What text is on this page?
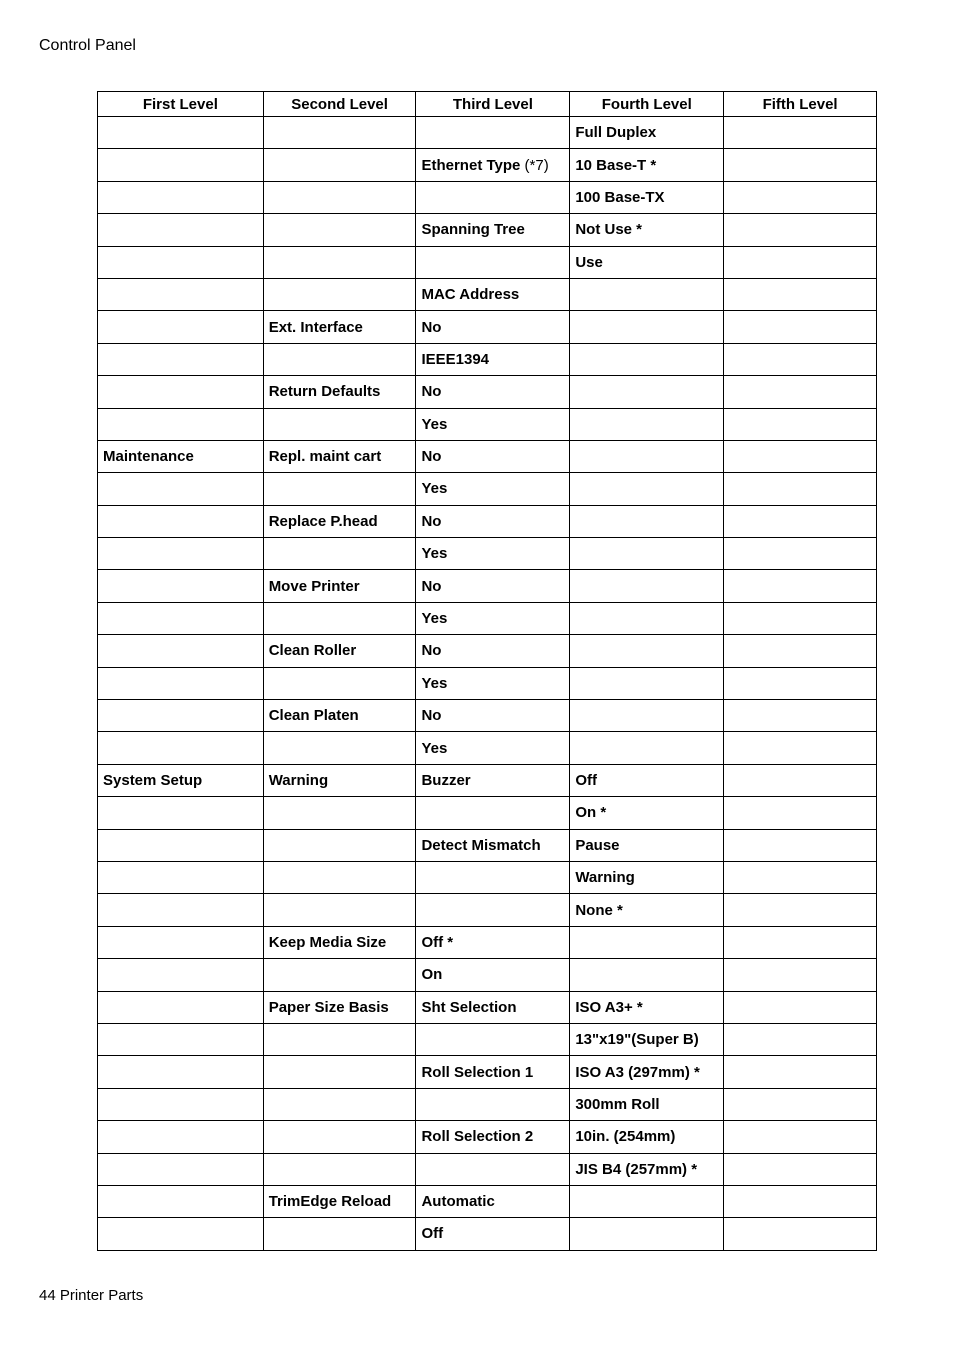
Control Panel
First Level	Second Level	Third Level	Fourth Level	Fifth Level
			Full Duplex	
		Ethernet Type (*7)	10 Base-T *	
			100 Base-TX	
		Spanning Tree	Not Use *	
			Use	
		MAC Address		
	Ext. Interface	No		
		IEEE1394		
	Return Defaults	No		
		Yes		
Maintenance	Repl. maint cart	No		
		Yes		
	Replace P.head	No		
		Yes		
	Move Printer	No		
		Yes		
	Clean Roller	No		
		Yes		
	Clean Platen	No		
		Yes		
System Setup	Warning	Buzzer	Off	
			On *	
		Detect Mismatch	Pause	
			Warning	
			None *	
	Keep Media Size	Off *		
		On		
	Paper Size Basis	Sht Selection	ISO A3+ *	
			13"x19"(Super B)	
		Roll Selection 1	ISO A3 (297mm) *	
			300mm Roll	
		Roll Selection 2	10in. (254mm)	
			JIS B4 (257mm) *	
	TrimEdge Reload	Automatic		
		Off		
44 Printer Parts
